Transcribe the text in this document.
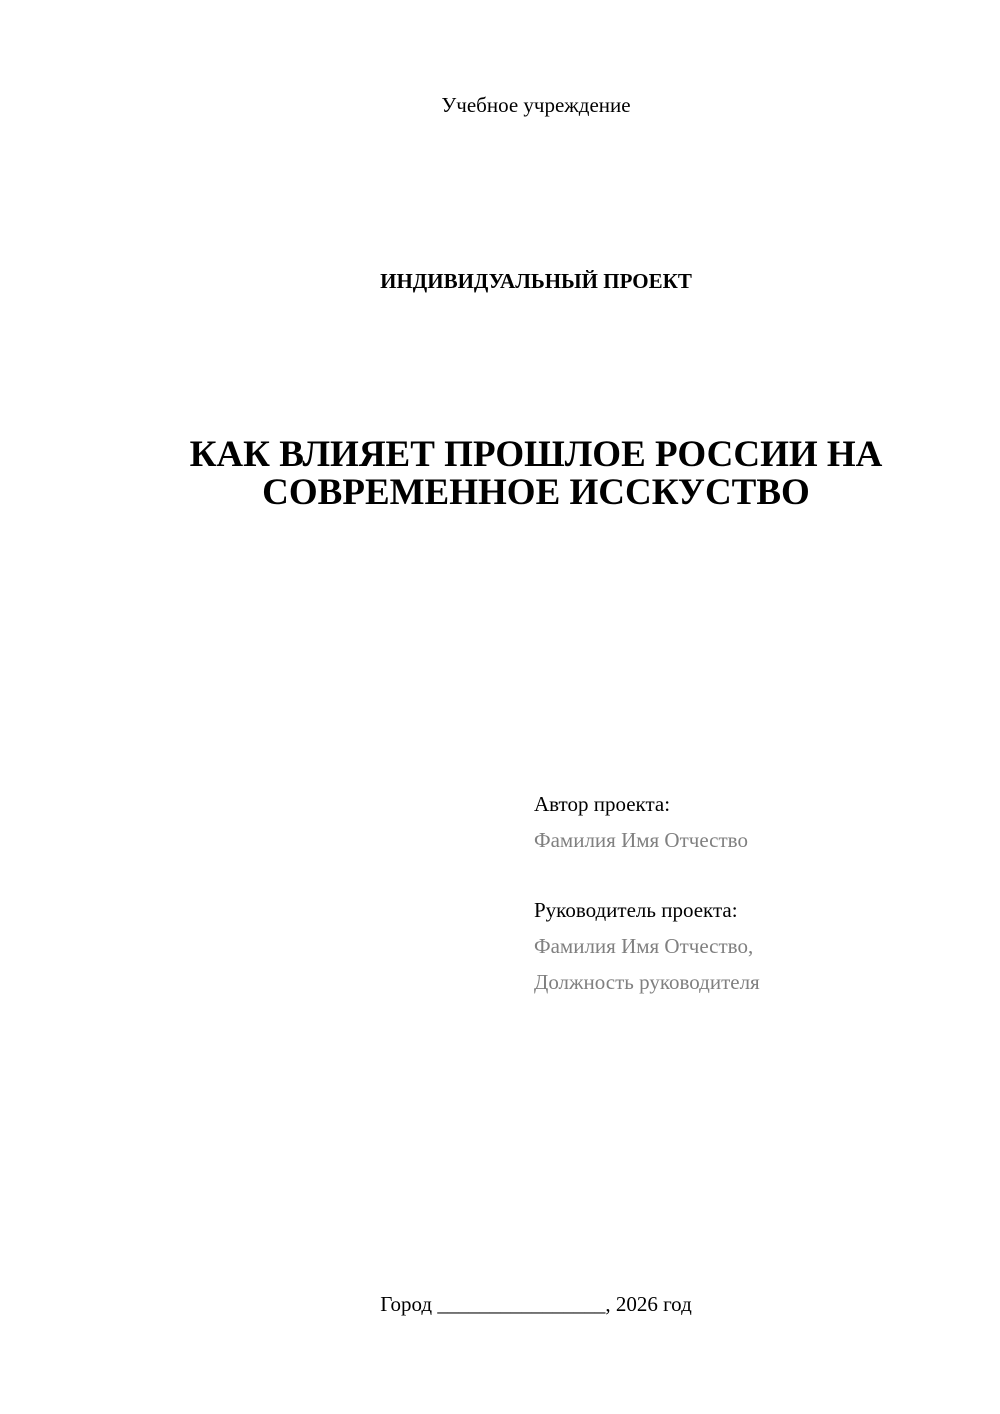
Учебное учреждение
ИНДИВИДУАЛЬНЫЙ ПРОЕКТ
КАК ВЛИЯЕТ ПРОШЛОЕ РОССИИ НА
СОВРЕМЕННОЕ ИССКУСТВО
Автор проекта:
Фамилия Имя Отчество
Руководитель проекта:
Фамилия Имя Отчество,
Должность руководителя
Город ________________, 2026 год
